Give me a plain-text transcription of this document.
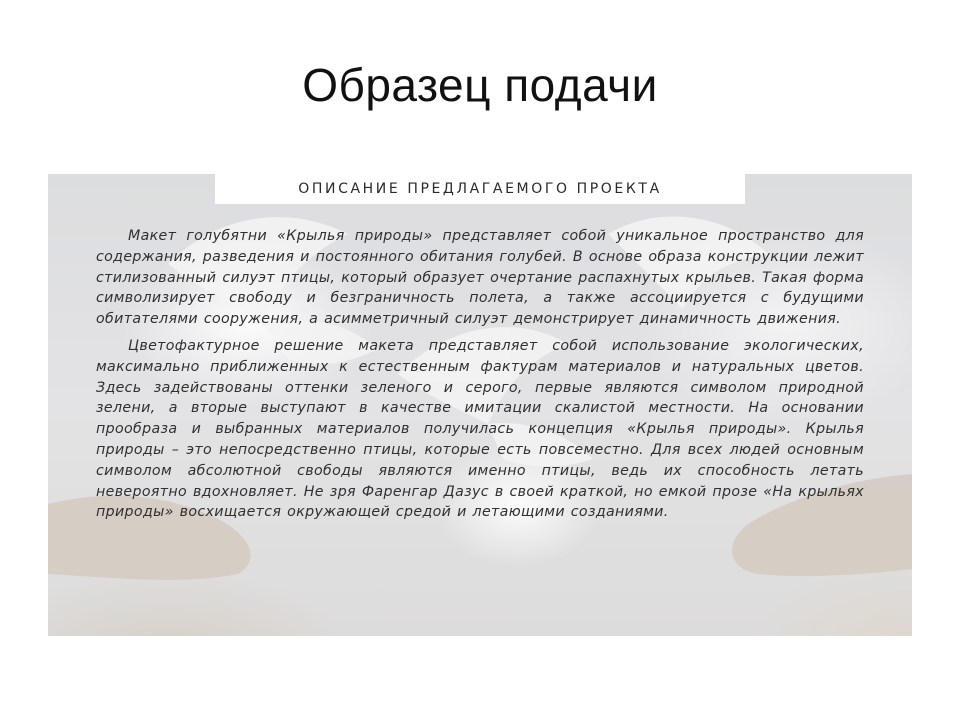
Образец подачи
ОПИСАНИЕ ПРЕДЛАГАЕМОГО ПРОЕКТА

Макет голубятни «Крылья природы» представляет собой уникальное пространство для содержания, разведения и постоянного обитания голубей. В основе образа конструкции лежит стилизованный силуэт птицы, который образует очертание распахнутых крыльев. Такая форма символизирует свободу и безграничность полета, а также ассоциируется с будущими обитателями сооружения, а асимметричный силуэт демонстрирует динамичность движения.

Цветофактурное решение макета представляет собой использование экологических, максимально приближенных к естественным фактурам материалов и натуральных цветов. Здесь задействованы оттенки зеленого и серого, первые являются символом природной зелени, а вторые выступают в качестве имитации скалистой местности. На основании прообраза и выбранных материалов получилась концепция «Крылья природы». Крылья природы – это непосредственно птицы, которые есть повсеместно. Для всех людей основным символом абсолютной свободы являются именно птицы, ведь их способность летать невероятно вдохновляет. Не зря Фаренгар Дазус в своей краткой, но емкой прозе «На крыльях природы» восхищается окружающей средой и летающими созданиями.
